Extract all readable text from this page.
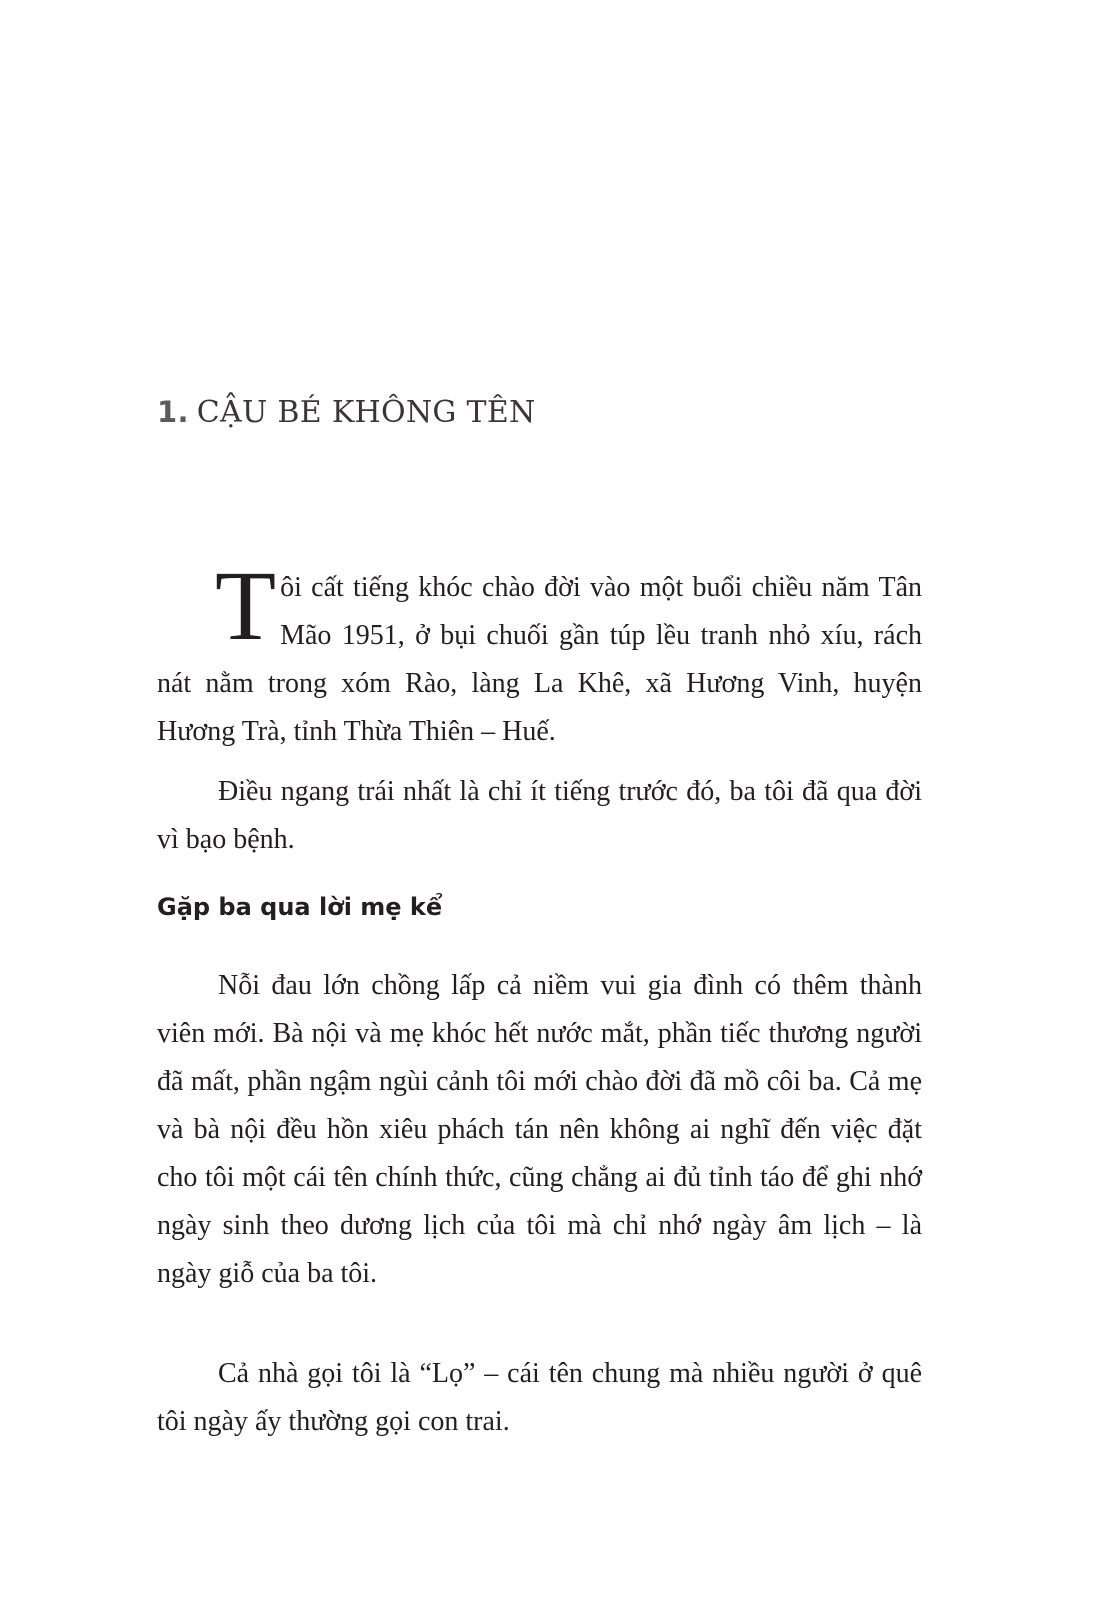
1. CẬU BÉ KHÔNG TÊN
Tôi cất tiếng khóc chào đời vào một buổi chiều năm Tân Mão 1951, ở bụi chuối gần túp lều tranh nhỏ xíu, rách nát nằm trong xóm Rào, làng La Khê, xã Hương Vinh, huyện Hương Trà, tỉnh Thừa Thiên – Huế.
Điều ngang trái nhất là chỉ ít tiếng trước đó, ba tôi đã qua đời vì bạo bệnh.
Gặp ba qua lời mẹ kể
Nỗi đau lớn chồng lấp cả niềm vui gia đình có thêm thành viên mới. Bà nội và mẹ khóc hết nước mắt, phần tiếc thương người đã mất, phần ngậm ngùi cảnh tôi mới chào đời đã mồ côi ba. Cả mẹ và bà nội đều hồn xiêu phách tán nên không ai nghĩ đến việc đặt cho tôi một cái tên chính thức, cũng chẳng ai đủ tỉnh táo để ghi nhớ ngày sinh theo dương lịch của tôi mà chỉ nhớ ngày âm lịch – là ngày giỗ của ba tôi.
Cả nhà gọi tôi là “Lọ” – cái tên chung mà nhiều người ở quê tôi ngày ấy thường gọi con trai.
